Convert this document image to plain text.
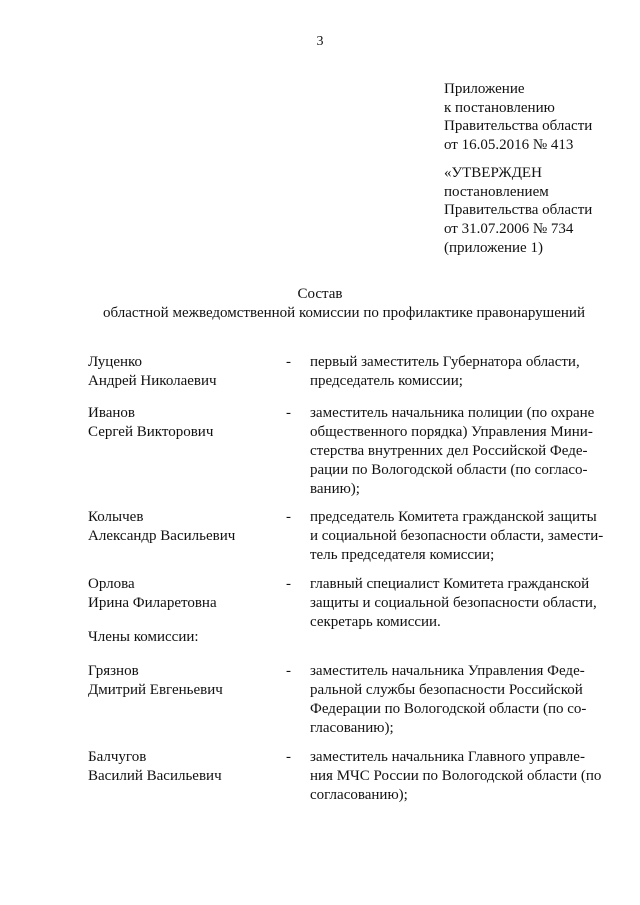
3
Приложение
к постановлению
Правительства области
от 16.05.2016 № 413
«УТВЕРЖДЕН
постановлением
Правительства области
от 31.07.2006 № 734
(приложение 1)
Состав
областной межведомственной комиссии по профилактике правонарушений
Луценко
Андрей Николаевич
- первый заместитель Губернатора области,
председатель комиссии;
Иванов
Сергей Викторович
- заместитель начальника полиции (по охране
общественного порядка) Управления Мини-
стерства внутренних дел Российской Феде-
рации по Вологодской области (по согласо-
ванию);
Колычев
Александр Васильевич
- председатель Комитета гражданской защиты
и социальной безопасности области, замести-
тель председателя комиссии;
Орлова
Ирина Филаретовна
- главный специалист Комитета гражданской
защиты и социальной безопасности области,
секретарь комиссии.
Члены комиссии:
Грязнов
Дмитрий Евгеньевич
- заместитель начальника Управления Феде-
ральной службы безопасности Российской
Федерации по Вологодской области (по со-
гласованию);
Балчугов
Василий Васильевич
- заместитель начальника Главного управле-
ния МЧС России по Вологодской области (по
согласованию);
